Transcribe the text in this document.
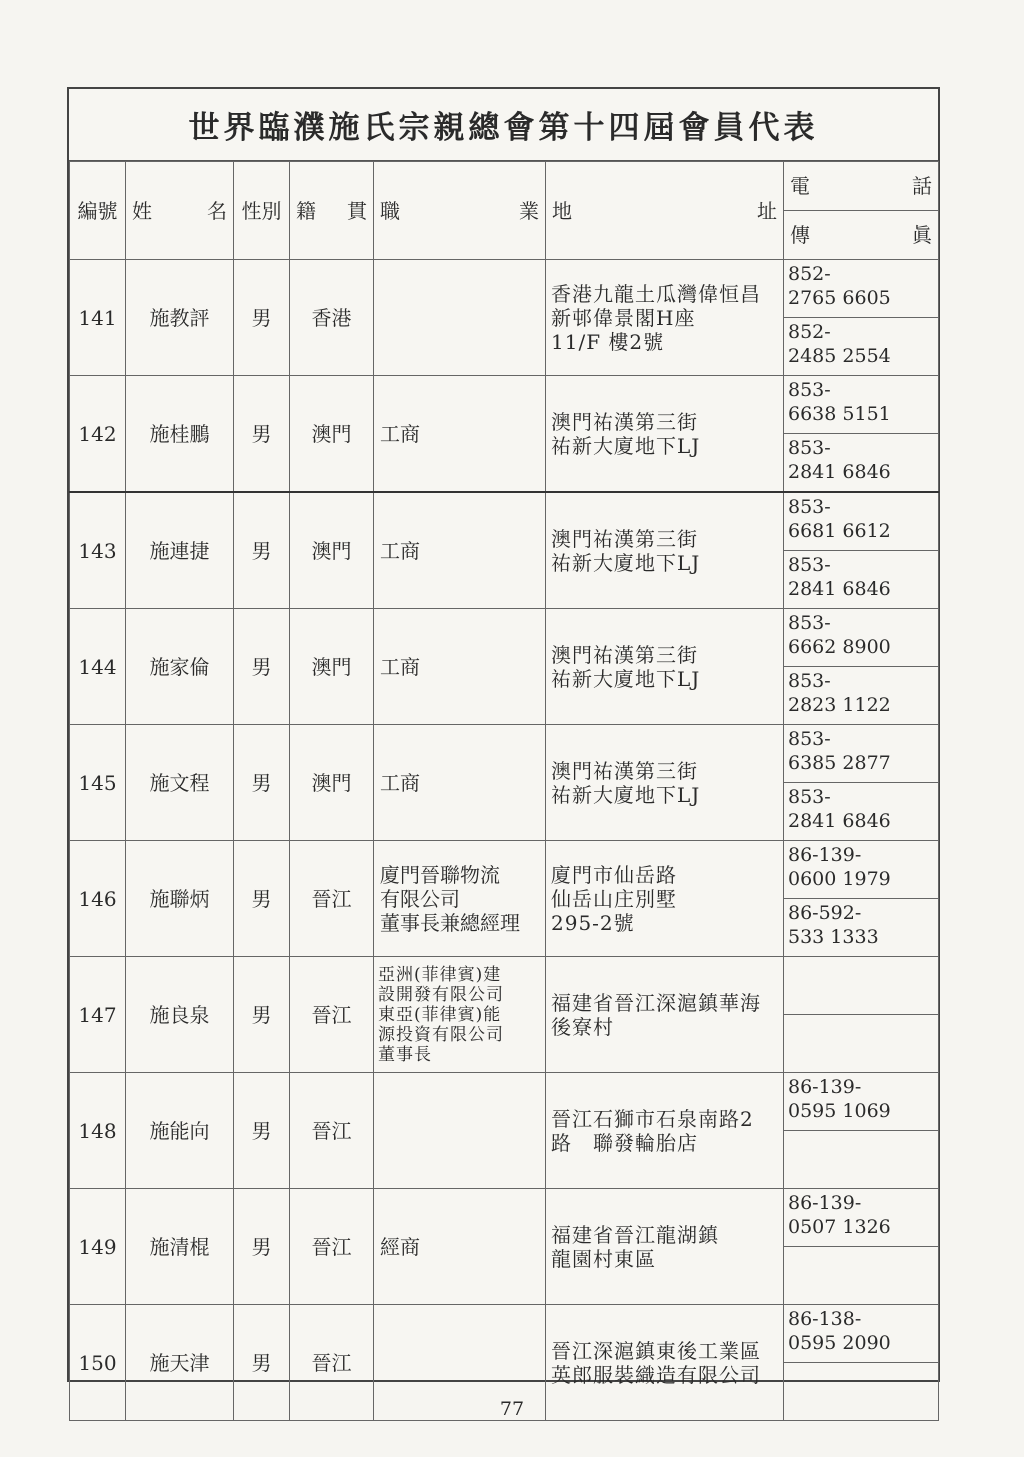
世界臨濮施氏宗親總會第十四屆會員代表
編號	姓 名	性別	籍 貫	職 業	地 址	電 話

						傳 眞

141	施教評	男	香港		香港九龍土瓜灣偉恒昌
新邨偉景閣H座
11/F 樓2號	852-
2765 6605

						852-
2485 2554

142	施桂鵬	男	澳門	工商	澳門祐漢第三街
祐新大廈地下LJ	853-
6638 5151

						853-
2841 6846

143	施連捷	男	澳門	工商	澳門祐漢第三街
祐新大廈地下LJ	853-
6681 6612

						853-
2841 6846

144	施家倫	男	澳門	工商	澳門祐漢第三街
祐新大廈地下LJ	853-
6662 8900

						853-
2823 1122

145	施文程	男	澳門	工商	澳門祐漢第三街
祐新大廈地下LJ	853-
6385 2877

						853-
2841 6846

146	施聯炳	男	晉江	廈門晉聯物流
有限公司
董事長兼總經理	廈門市仙岳路
仙岳山庄別墅
295-2號	86-139-
0600 1979

						86-592-
533 1333

147	施良泉	男	晉江	亞洲(菲律賓)建
設開發有限公司
東亞(菲律賓)能
源投資有限公司
董事長	福建省晉江深滬鎮華海
後寮村	

148	施能向	男	晉江		晉江石獅市石泉南路2
路　聯發輪胎店	86-139-
0595 1069

149	施清棍	男	晉江	經商	福建省晉江龍湖鎮
龍園村東區	86-139-
0507 1326

150	施天津	男	晉江		晉江深滬鎮東後工業區
英郎服裝織造有限公司	86-138-
0595 2090

77
